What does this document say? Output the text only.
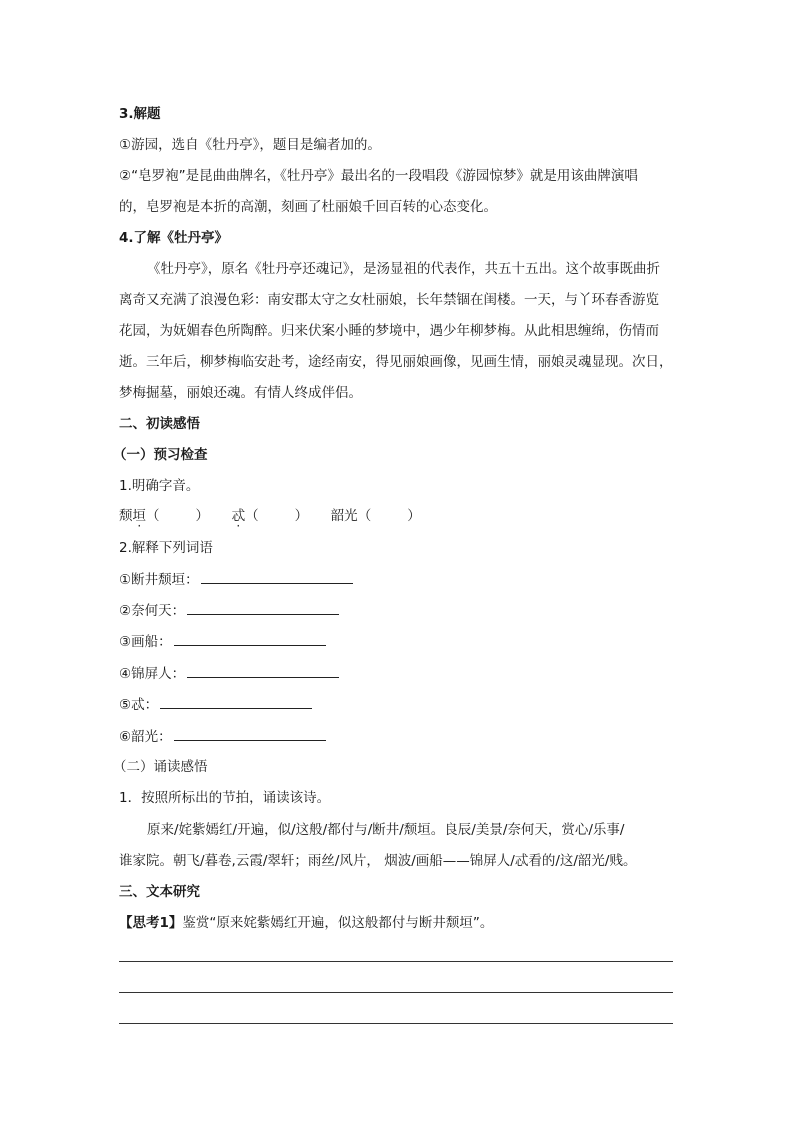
3.解题
①游园，选自《牡丹亭》，题目是编者加的。
②“皂罗袍”是昆曲曲牌名，《牡丹亭》最出名的一段唱段《游园惊梦》就是用该曲牌演唱
的，皂罗袍是本折的高潮，刻画了杜丽娘千回百转的心态变化。
4.了解《牡丹亭》
《牡丹亭》，原名《牡丹亭还魂记》，是汤显祖的代表作，共五十五出。这个故事既曲折
离奇又充满了浪漫色彩：南安郡太守之女杜丽娘，长年禁锢在闺楼。一天，与丫环春香游览
花园，为妩媚春色所陶醉。归来伏案小睡的梦境中，遇少年柳梦梅。从此相思缠绵，伤情而
逝。三年后，柳梦梅临安赴考，途经南安，得见丽娘画像，见画生情，丽娘灵魂显现。次日，
梦梅掘墓，丽娘还魂。有情人终成伴侣。
二、初读感悟
（一）预习检查
1.明确字音。
颓垣（	） 忒（	） 韶光（	）
2.解释下列词语
①断井颓垣：
②奈何天：
③画船：
④锦屏人：
⑤忒：
⑥韶光：
（二）诵读感悟
1．按照所标出的节拍，诵读该诗。
原来/姹紫嫣红/开遍，似/这般/都付与/断井/颓垣。良辰/美景/奈何天，赏心/乐事/
谁家院。朝飞/暮卷,云霞/翠轩；雨丝/风片， 烟波/画船——锦屏人/忒看的/这/韶光/贱。
三、文本研究
【思考1】鉴赏“原来姹紫嫣红开遍，似这般都付与断井颓垣”。
